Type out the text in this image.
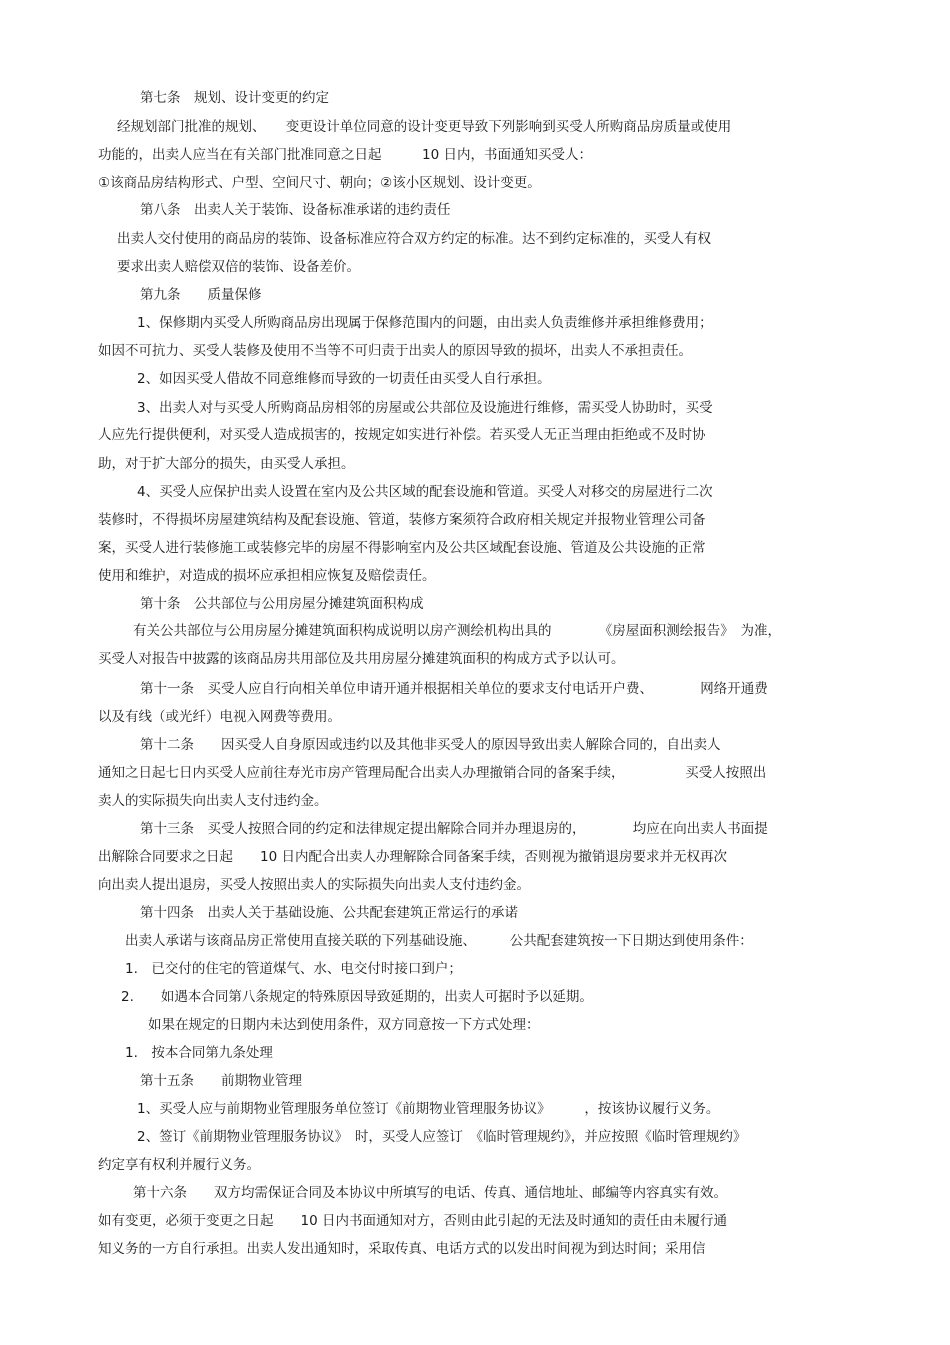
第七条　规划、设计变更的约定
经规划部门批准的规划、　　变更设计单位同意的设计变更导致下列影响到买受人所购商品房质量或使用
功能的，出卖人应当在有关部门批准同意之日起　　　10 日内，书面通知买受人：
①该商品房结构形式、户型、空间尺寸、朝向；②该小区规划、设计变更。
第八条　出卖人关于装饰、设备标准承诺的违约责任
出卖人交付使用的商品房的装饰、设备标准应符合双方约定的标准。达不到约定标准的，买受人有权
要求出卖人赔偿双倍的装饰、设备差价。
第九条　　质量保修
1、保修期内买受人所购商品房出现属于保修范围内的问题，由出卖人负责维修并承担维修费用；
如因不可抗力、买受人装修及使用不当等不可归责于出卖人的原因导致的损坏，出卖人不承担责任。
2、如因买受人借故不同意维修而导致的一切责任由买受人自行承担。
3、出卖人对与买受人所购商品房相邻的房屋或公共部位及设施进行维修，需买受人协助时，买受
人应先行提供便利，对买受人造成损害的，按规定如实进行补偿。若买受人无正当理由拒绝或不及时协
助，对于扩大部分的损失，由买受人承担。
4、买受人应保护出卖人设置在室内及公共区域的配套设施和管道。买受人对移交的房屋进行二次
装修时，不得损坏房屋建筑结构及配套设施、管道，装修方案须符合政府相关规定并报物业管理公司备
案，买受人进行装修施工或装修完毕的房屋不得影响室内及公共区域配套设施、管道及公共设施的正常
使用和维护，对造成的损坏应承担相应恢复及赔偿责任。
第十条　公共部位与公用房屋分摊建筑面积构成
有关公共部位与公用房屋分摊建筑面积构成说明以房产测绘机构出具的　　　　《房屋面积测绘报告》　为准，
买受人对报告中披露的该商品房共用部位及共用房屋分摊建筑面积的构成方式予以认可。
第十一条　买受人应自行向相关单位申请开通并根据相关单位的要求支付电话开户费、　　　　网络开通费
以及有线（或光纤）电视入网费等费用。
第十二条　　因买受人自身原因或违约以及其他非买受人的原因导致出卖人解除合同的，自出卖人
通知之日起七日内买受人应前往寿光市房产管理局配合出卖人办理撤销合同的备案手续，　　　　　买受人按照出
卖人的实际损失向出卖人支付违约金。
第十三条　买受人按照合同的约定和法律规定提出解除合同并办理退房的，　　　　均应在向出卖人书面提
出解除合同要求之日起　　10 日内配合出卖人办理解除合同备案手续，否则视为撤销退房要求并无权再次
向出卖人提出退房，买受人按照出卖人的实际损失向出卖人支付违约金。
第十四条　出卖人关于基础设施、公共配套建筑正常运行的承诺
出卖人承诺与该商品房正常使用直接关联的下列基础设施、　　　公共配套建筑按一下日期达到使用条件：
1.　已交付的住宅的管道煤气、水、电交付时接口到户；
2.　　如遇本合同第八条规定的特殊原因导致延期的，出卖人可据时予以延期。
如果在规定的日期内未达到使用条件，双方同意按一下方式处理：
1.　按本合同第九条处理
第十五条　　前期物业管理
1、买受人应与前期物业管理服务单位签订《前期物业管理服务协议》　　　，按该协议履行义务。
2、签订《前期物业管理服务协议》　时，买受人应签订　《临时管理规约》，并应按照《临时管理规约》
约定享有权利并履行义务。
第十六条　　双方均需保证合同及本协议中所填写的电话、传真、通信地址、邮编等内容真实有效。
如有变更，必须于变更之日起　　10 日内书面通知对方，否则由此引起的无法及时通知的责任由未履行通
知义务的一方自行承担。出卖人发出通知时，采取传真、电话方式的以发出时间视为到达时间；采用信
